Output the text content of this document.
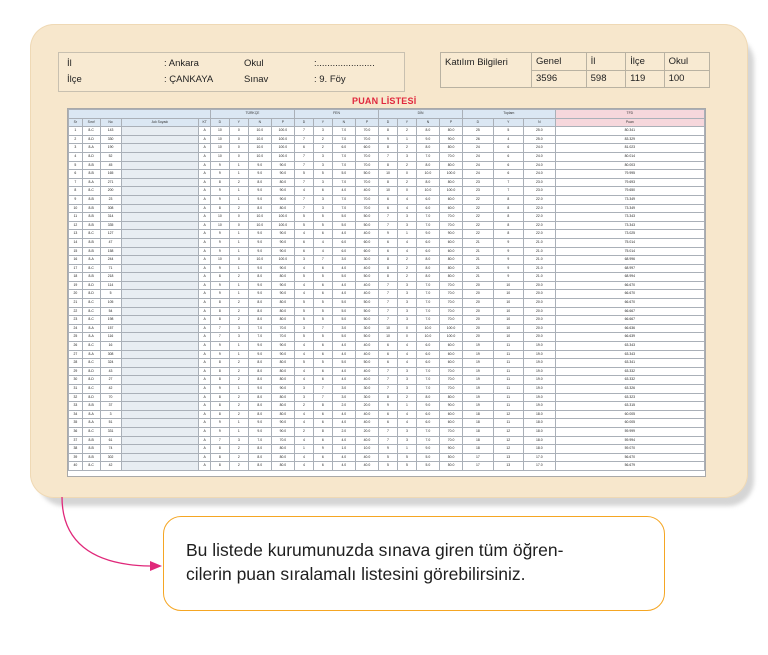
İl	: Ankara	Okul	:......................
İlçe	: ÇANKAYA	Sınav	: 9. Föy
Katılım Bilgileri	Genel	İl	İlçe	Okul
	3596	598	119	100
PUAN LİSTESİ
					TÜRKÇE				FEN				DİN				Toplam			TFD
Sr	Sınıf	No	Adı Soyadı	KT	D	Y	N	P	D	Y	N	P	D	Y	N	P	D	Y	N	Puan
1	8-C	143		A	10	0	10.0	100.0	7	3	7.0	70.0	8	2	8.0	80.0	25	5	25.0	80.341
2	8-D	330		A	10	0	10.0	100.0	7	2	7.0	70.0	9	1	9.0	90.0	26	4	25.0	83.329
3	8-A	190		A	10	0	10.0	100.0	6	2	6.0	60.0	8	2	8.0	80.0	24	6	24.0	81.023
4	8-D	52		A	10	0	10.0	100.0	7	3	7.0	70.0	7	3	7.0	70.0	24	6	24.0	80.014
5	8-B	45		A	9	1	9.0	90.0	7	3	7.0	70.0	8	2	8.0	80.0	24	6	24.0	80.003
6	8-B	165		A	9	1	9.0	90.0	5	5	5.0	50.0	10	0	10.0	100.0	24	6	24.0	79.995
7	8-A	271		A	8	2	8.0	80.0	7	3	7.0	70.0	8	2	8.0	80.0	23	7	23.0	79.693
8	8-C	200		A	9	1	9.0	90.0	4	6	4.0	40.0	10	0	10.0	100.0	23	7	23.0	79.650
9	8-B	23		A	9	1	9.0	90.0	7	3	7.0	70.0	6	4	6.0	60.0	22	8	22.0	73.349
10	8-B	308		A	8	2	8.0	80.0	7	3	7.0	70.0	6	4	6.0	60.0	22	8	22.0	73.349
11	8-B	314		A	10	0	10.0	100.0	5	5	5.0	50.0	7	3	7.0	70.0	22	8	22.0	73.343
12	8-B	335		A	10	0	10.0	100.0	5	5	5.0	50.0	7	3	7.0	70.0	22	8	22.0	73.343
13	8-C	127		A	9	1	9.0	90.0	4	6	4.0	40.0	9	1	9.0	90.0	22	8	22.0	73.025
14	8-B	47		A	9	1	9.0	90.0	6	4	6.0	60.0	6	4	6.0	60.0	21	9	21.0	75.014
15	8-B	158		A	9	1	9.0	90.0	6	4	6.0	60.0	6	4	6.0	60.0	21	9	21.0	75.014
16	8-A	244		A	10	0	10.0	100.0	3	7	3.0	30.0	8	2	8.0	80.0	21	9	21.0	68.996
17	8-C	71		A	9	1	9.0	90.0	4	6	4.0	40.0	8	2	8.0	80.0	21	9	21.0	68.997
18	8-B	218		A	8	2	8.0	80.0	5	5	5.0	50.0	8	2	8.0	80.0	21	9	21.0	68.994
19	8-D	114		A	9	1	9.0	90.0	4	6	4.0	40.0	7	3	7.0	70.0	20	10	20.0	66.670
20	8-D	5		A	9	1	9.0	90.0	4	6	4.0	40.0	7	3	7.0	70.0	20	10	20.0	66.670
21	8-C	105		A	8	2	8.0	80.0	5	5	5.0	50.0	7	3	7.0	70.0	20	10	20.0	66.670
22	8-C	54		A	8	2	8.0	80.0	5	5	5.0	50.0	7	3	7.0	70.0	20	10	20.0	66.667
23	8-C	198		A	8	2	8.0	80.0	5	5	5.0	50.0	7	3	7.0	70.0	20	10	20.0	66.667
24	8-A	157		A	7	3	7.0	70.0	3	7	3.0	30.0	10	0	10.0	100.0	20	10	20.0	66.636
25	8-A	116		A	7	3	7.0	70.0	5	5	5.0	50.0	10	0	10.0	100.0	20	10	20.0	66.639
26	8-C	16		A	9	1	9.0	90.0	4	6	4.0	40.0	6	4	6.0	60.0	19	11	19.0	63.343
27	8-A	308		A	9	1	9.0	90.0	4	6	4.0	40.0	6	4	6.0	60.0	19	11	19.0	63.343
28	8-C	324		A	8	2	8.0	80.0	5	5	5.0	50.0	6	4	6.0	60.0	19	11	19.0	63.341
29	8-D	43		A	8	2	8.0	80.0	4	6	4.0	40.0	7	3	7.0	70.0	19	11	19.0	63.332
30	8-D	27		A	8	2	8.0	80.0	4	6	4.0	40.0	7	3	7.0	70.0	19	11	19.0	63.332
31	8-C	42		A	9	1	9.0	90.0	3	7	3.0	30.0	7	3	7.0	70.0	19	11	19.0	63.326
32	8-D	70		A	8	2	8.0	80.0	3	7	3.0	30.0	8	2	8.0	80.0	19	11	19.0	63.323
33	8-B	37		A	8	2	8.0	80.0	2	8	2.0	20.0	9	1	9.0	90.0	19	11	19.0	63.315
34	8-A	3		A	8	2	8.0	80.0	4	6	4.0	40.0	6	4	6.0	60.0	18	12	18.0	60.005
35	8-A	51		A	9	1	9.0	90.0	4	6	4.0	40.0	6	4	6.0	60.0	18	11	18.0	60.005
36	8-C	331		A	9	1	9.0	90.0	2	8	2.0	20.0	7	3	7.0	70.0	18	12	18.0	59.999
37	8-B	61		A	7	3	7.0	70.0	4	6	4.0	40.0	7	3	7.0	70.0	18	12	18.0	59.994
38	8-B	74		A	8	2	8.0	80.0	1	9	1.0	10.0	9	1	9.0	90.0	18	12	18.0	59.070
39	8-B	302		A	8	2	8.0	80.0	4	6	4.0	40.0	5	5	5.0	50.0	17	13	17.0	56.670
40	8-C	42		A	8	2	8.0	80.0	4	6	4.0	40.0	5	5	5.0	50.0	17	13	17.0	56.679
Bu listede kurumunuzda sınava giren tüm öğren-
cilerin puan sıralamalı listesini görebilirsiniz.
